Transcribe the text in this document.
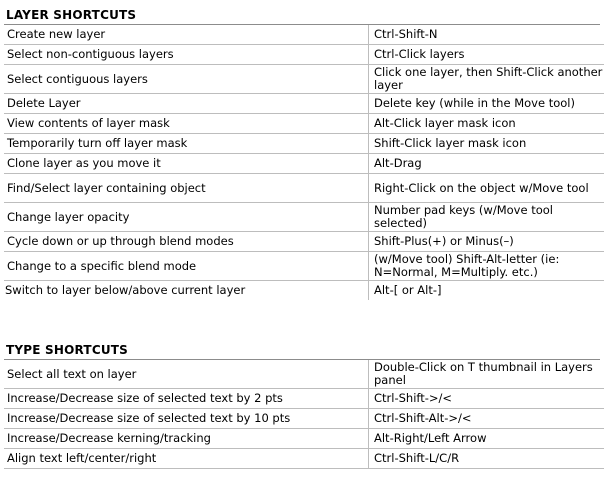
LAYER SHORTCUTS
Create new layer	Ctrl-Shift-N
Select non-contiguous layers	Ctrl-Click layers
Select contiguous layers	Click one layer, then Shift-Click another layer
Delete Layer	Delete key (while in the Move tool)
View contents of layer mask	Alt-Click layer mask icon
Temporarily turn off layer mask	Shift-Click layer mask icon
Clone layer as you move it	Alt-Drag
Find/Select layer containing object	Right-Click on the object w/Move tool
Change layer opacity	Number pad keys (w/Move tool selected)
Cycle down or up through blend modes	Shift-Plus(+) or Minus(–)
Change to a specific blend mode	(w/Move tool) Shift-Alt-letter (ie: N=Normal, M=Multiply. etc.)
Switch to layer below/above current layer	Alt-[ or Alt-]
TYPE SHORTCUTS
Select all text on layer	Double-Click on T thumbnail in Layers panel
Increase/Decrease size of selected text by 2 pts	Ctrl-Shift->/<
Increase/Decrease size of selected text by 10 pts	Ctrl-Shift-Alt->/<
Increase/Decrease kerning/tracking	Alt-Right/Left Arrow
Align text left/center/right	Ctrl-Shift-L/C/R
